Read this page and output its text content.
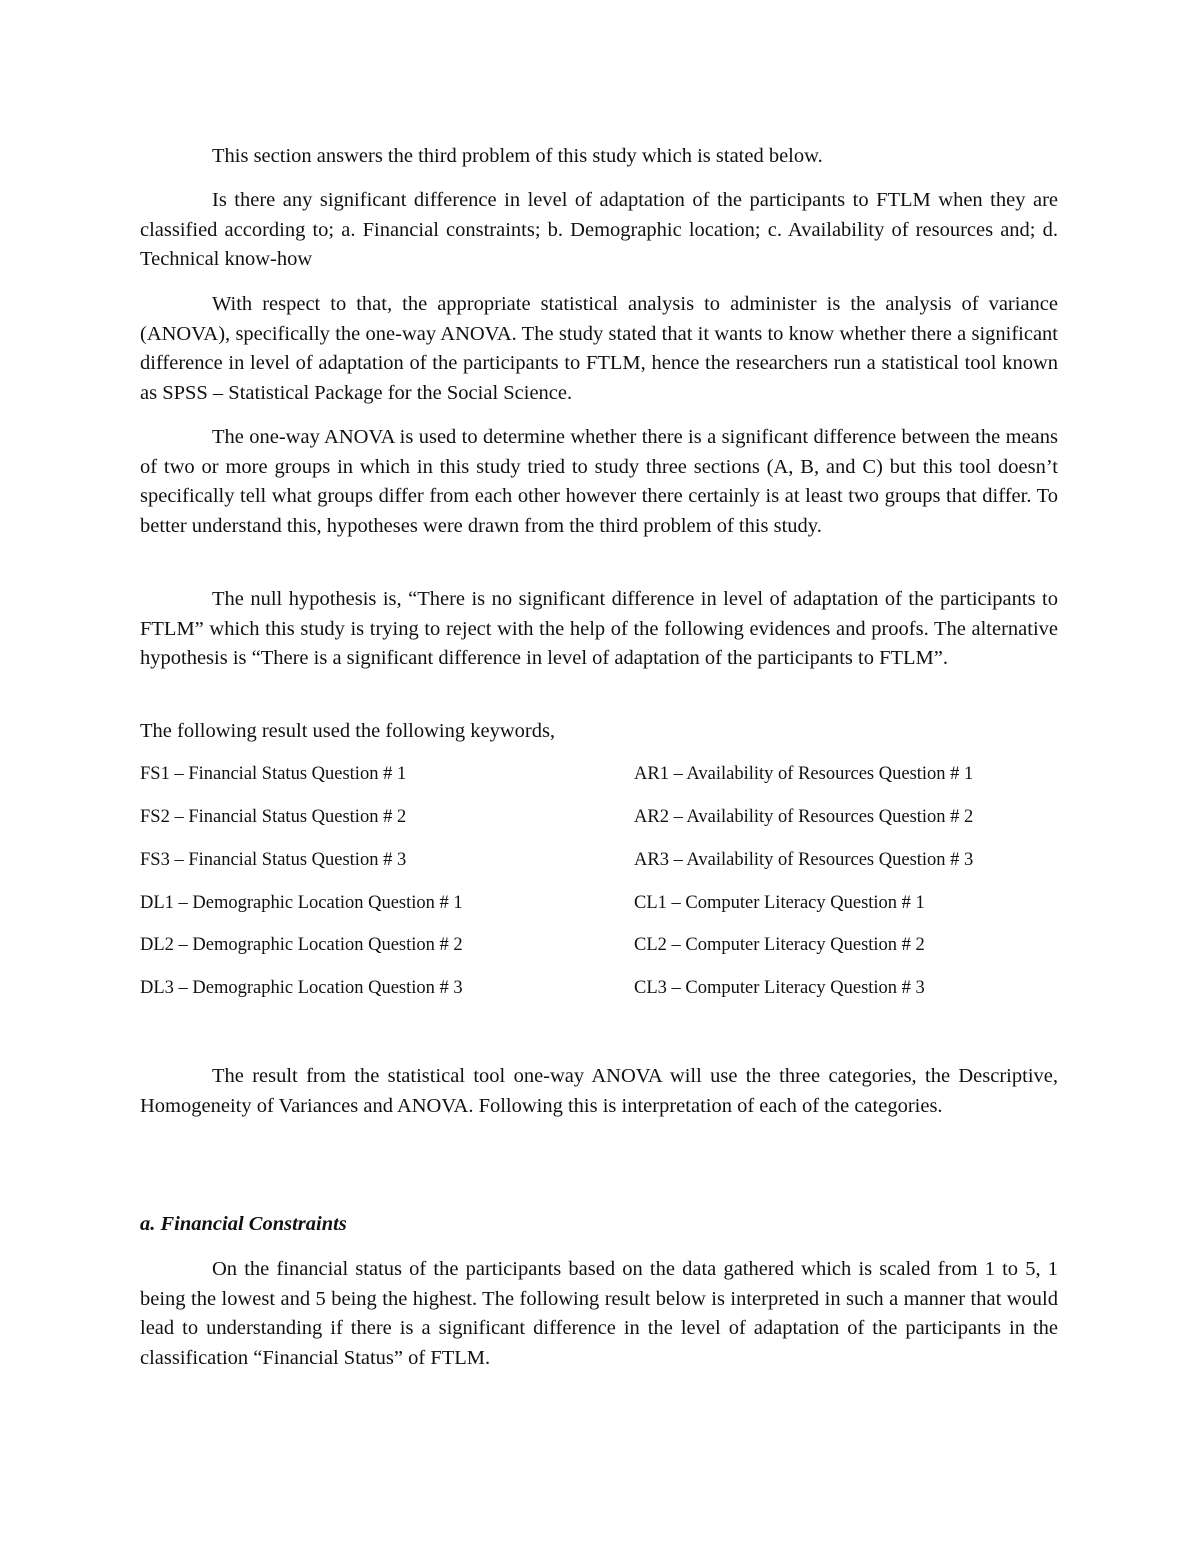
This section answers the third problem of this study which is stated below.

Is there any significant difference in level of adaptation of the participants to FTLM when they are classified according to; a. Financial constraints; b. Demographic location; c. Availability of resources and; d. Technical know-how

With respect to that, the appropriate statistical analysis to administer is the analysis of variance (ANOVA), specifically the one-way ANOVA. The study stated that it wants to know whether there a significant difference in level of adaptation of the participants to FTLM, hence the researchers run a statistical tool known as SPSS – Statistical Package for the Social Science.

The one-way ANOVA is used to determine whether there is a significant difference between the means of two or more groups in which in this study tried to study three sections (A, B, and C) but this tool doesn’t specifically tell what groups differ from each other however there certainly is at least two groups that differ. To better understand this, hypotheses were drawn from the third problem of this study.

The null hypothesis is, “There is no significant difference in level of adaptation of the participants to FTLM” which this study is trying to reject with the help of the following evidences and proofs. The alternative hypothesis is “There is a significant difference in level of adaptation of the participants to FTLM”.

The following result used the following keywords,

FS1 – Financial Status Question # 1	AR1 – Availability of Resources Question # 1

FS2 – Financial Status Question # 2	AR2 – Availability of Resources Question # 2

FS3 – Financial Status Question # 3	AR3 – Availability of Resources Question # 3

DL1 – Demographic Location Question # 1	CL1 – Computer Literacy Question # 1

DL2 – Demographic Location Question # 2	CL2 – Computer Literacy Question # 2

DL3 – Demographic Location Question # 3	CL3 – Computer Literacy Question # 3

The result from the statistical tool one-way ANOVA will use the three categories, the Descriptive, Homogeneity of Variances and ANOVA. Following this is interpretation of each of the categories.

a. Financial Constraints

On the financial status of the participants based on the data gathered which is scaled from 1 to 5, 1 being the lowest and 5 being the highest. The following result below is interpreted in such a manner that would lead to understanding if there is a significant difference in the level of adaptation of the participants in the classification “Financial Status” of FTLM.
